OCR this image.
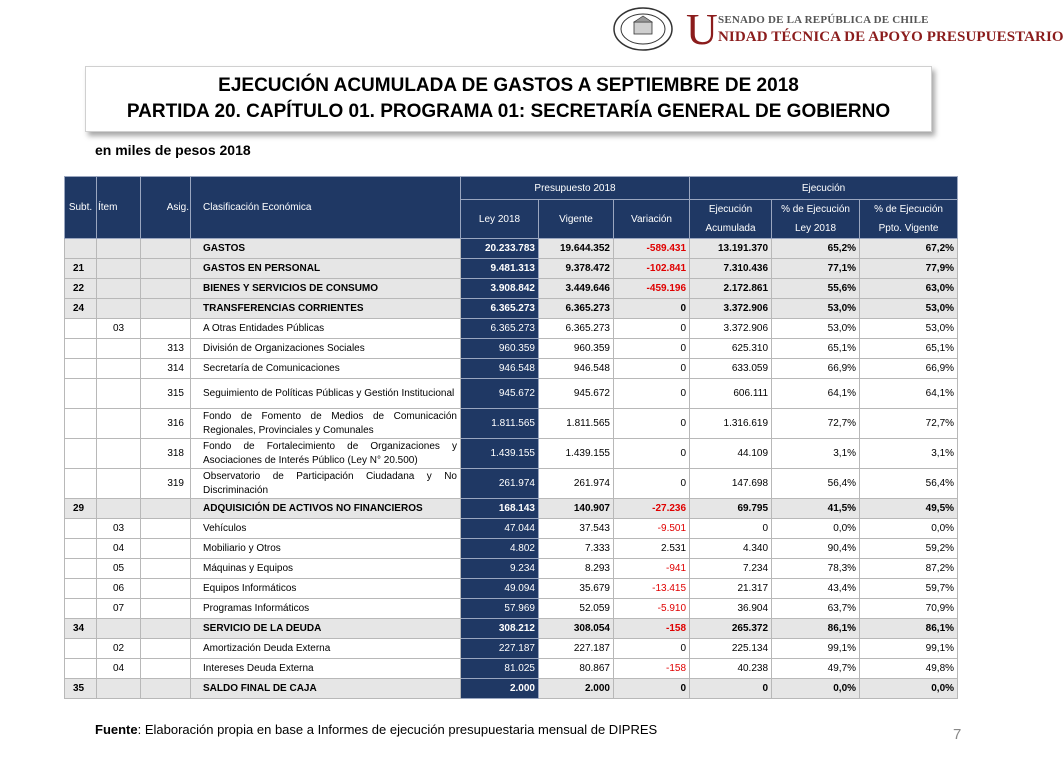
U SENADO DE LA REPÚBLICA DE CHILE
NIDAD TÉCNICA DE APOYO PRESUPUESTARIO
EJECUCIÓN ACUMULADA DE GASTOS A SEPTIEMBRE DE 2018
PARTIDA 20. CAPÍTULO 01. PROGRAMA 01: SECRETARÍA GENERAL DE GOBIERNO
en miles de pesos 2018
Subt.	Ítem	Asig.	Clasificación Económica	Presupuesto 2018			Ejecución		
				Ley 2018	Vigente	Variación	Ejecución	% de Ejecución	% de Ejecución
							Acumulada	Ley 2018	Ppto. Vigente
			GASTOS	20.233.783	19.644.352	-589.431	13.191.370	65,2%	67,2%
21			GASTOS EN PERSONAL	9.481.313	9.378.472	-102.841	7.310.436	77,1%	77,9%
22			BIENES Y SERVICIOS DE CONSUMO	3.908.842	3.449.646	-459.196	2.172.861	55,6%	63,0%
24			TRANSFERENCIAS CORRIENTES	6.365.273	6.365.273	0	3.372.906	53,0%	53,0%
	03		A Otras Entidades Públicas	6.365.273	6.365.273	0	3.372.906	53,0%	53,0%
		313	División de Organizaciones Sociales	960.359	960.359	0	625.310	65,1%	65,1%
		314	Secretaría de Comunicaciones	946.548	946.548	0	633.059	66,9%	66,9%
		315	Seguimiento de Políticas Públicas y Gestión Institucional	945.672	945.672	0	606.111	64,1%	64,1%
		316	Fondo de Fomento de Medios de Comunicación Regionales, Provinciales y Comunales	1.811.565	1.811.565	0	1.316.619	72,7%	72,7%
		318	Fondo de Fortalecimiento de Organizaciones y Asociaciones de Interés Público (Ley N° 20.500)	1.439.155	1.439.155	0	44.109	3,1%	3,1%
		319	Observatorio de Participación Ciudadana y No Discriminación	261.974	261.974	0	147.698	56,4%	56,4%
29			ADQUISICIÓN DE ACTIVOS NO FINANCIEROS	168.143	140.907	-27.236	69.795	41,5%	49,5%
	03		Vehículos	47.044	37.543	-9.501	0	0,0%	0,0%
	04		Mobiliario y Otros	4.802	7.333	2.531	4.340	90,4%	59,2%
	05		Máquinas y Equipos	9.234	8.293	-941	7.234	78,3%	87,2%
	06		Equipos Informáticos	49.094	35.679	-13.415	21.317	43,4%	59,7%
	07		Programas Informáticos	57.969	52.059	-5.910	36.904	63,7%	70,9%
34			SERVICIO DE LA DEUDA	308.212	308.054	-158	265.372	86,1%	86,1%
	02		Amortización Deuda Externa	227.187	227.187	0	225.134	99,1%	99,1%
	04		Intereses Deuda Externa	81.025	80.867	-158	40.238	49,7%	49,8%
35			SALDO FINAL DE CAJA	2.000	2.000	0	0	0,0%	0,0%
Fuente: Elaboración propia en base a Informes de ejecución presupuestaria mensual de DIPRES	7
